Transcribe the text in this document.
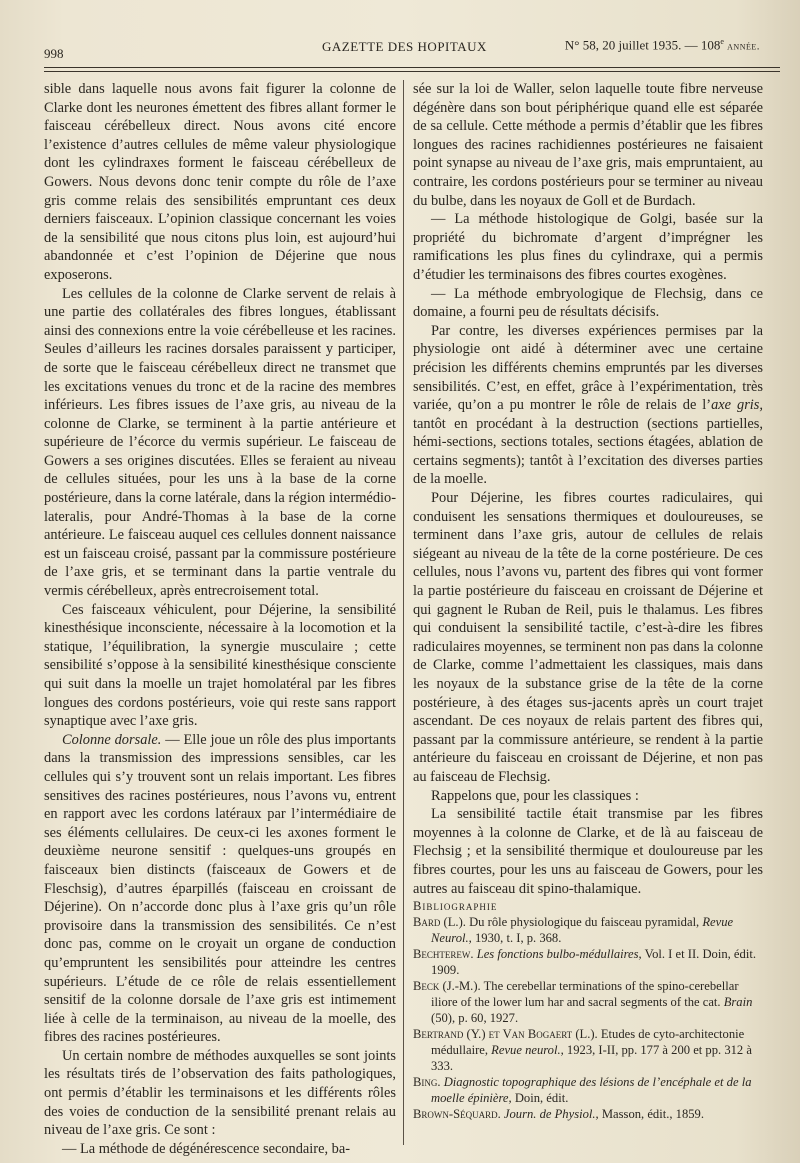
998	GAZETTE DES HOPITAUX	N° 58, 20 juillet 1935. — 108e année.

sible dans laquelle nous avons fait figurer la colonne de Clarke dont les neurones émettent des fibres allant former le faisceau cérébelleux direct. Nous avons cité encore l’existence d’autres cellules de même valeur physiologique dont les cylindraxes forment le faisceau cérébelleux de Gowers. Nous devons donc tenir compte du rôle de l’axe gris comme relais des sensibilités empruntant ces deux derniers faisceaux. L’opinion classique concernant les voies de la sensibilité que nous citons plus loin, est aujourd’hui abandonnée et c’est l’opinion de Déjerine que nous exposerons.

Les cellules de la colonne de Clarke servent de relais à une partie des collatérales des fibres longues, établissant ainsi des connexions entre la voie cérébelleuse et les racines. Seules d’ailleurs les racines dorsales paraissent y participer, de sorte que le faisceau cérébelleux direct ne transmet que les excitations venues du tronc et de la racine des membres inférieurs. Les fibres issues de l’axe gris, au niveau de la colonne de Clarke, se terminent à la partie antérieure et supérieure de l’écorce du vermis supérieur. Le faisceau de Gowers a ses origines discutées. Elles se feraient au niveau de cellules situées, pour les uns à la base de la corne postérieure, dans la corne latérale, dans la région intermédio-lateralis, pour André-Thomas à la base de la corne antérieure. Le faisceau auquel ces cellules donnent naissance est un faisceau croisé, passant par la commissure postérieure de l’axe gris, et se terminant dans la partie ventrale du vermis cérébelleux, après entrecroisement total.

Ces faisceaux véhiculent, pour Déjerine, la sensibilité kinesthésique inconsciente, nécessaire à la locomotion et la statique, l’équilibration, la synergie musculaire ; cette sensibilité s’oppose à la sensibilité kinesthésique consciente qui suit dans la moelle un trajet homolatéral par les fibres longues des cordons postérieurs, voie qui reste sans rapport synaptique avec l’axe gris.

Colonne dorsale. — Elle joue un rôle des plus importants dans la transmission des impressions sensibles, car les cellules qui s’y trouvent sont un relais important. Les fibres sensitives des racines postérieures, nous l’avons vu, entrent en rapport avec les cordons latéraux par l’intermédiaire de ses éléments cellulaires. De ceux-ci les axones forment le deuxième neurone sensitif : quelques-uns groupés en faisceaux bien distincts (faisceaux de Gowers et de Fleschsig), d’autres éparpillés (faisceau en croissant de Déjerine). On n’accorde donc plus à l’axe gris qu’un rôle provisoire dans la transmission des sensibilités. Ce n’est donc pas, comme on le croyait un organe de conduction qu’empruntent les sensibilités pour atteindre les centres supérieurs. L’étude de ce rôle de relais essentiellement sensitif de la colonne dorsale de l’axe gris est intimement liée à celle de la terminaison, au niveau de la moelle, des fibres des racines postérieures.

Un certain nombre de méthodes auxquelles se sont joints les résultats tirés de l’observation des faits pathologiques, ont permis d’établir les terminaisons et les différents rôles des voies de conduction de la sensibilité prenant relais au niveau de l’axe gris. Ce sont :

— La méthode de dégénérescence secondaire, ba-

sée sur la loi de Waller, selon laquelle toute fibre nerveuse dégénère dans son bout périphérique quand elle est séparée de sa cellule. Cette méthode a permis d’établir que les fibres longues des racines rachidiennes postérieures ne faisaient point synapse au niveau de l’axe gris, mais empruntaient, au contraire, les cordons postérieurs pour se terminer au niveau du bulbe, dans les noyaux de Goll et de Burdach.

— La méthode histologique de Golgi, basée sur la propriété du bichromate d’argent d’imprégner les ramifications les plus fines du cylindraxe, qui a permis d’étudier les terminaisons des fibres courtes exogènes.

— La méthode embryologique de Flechsig, dans ce domaine, a fourni peu de résultats décisifs.

Par contre, les diverses expériences permises par la physiologie ont aidé à déterminer avec une certaine précision les différents chemins empruntés par les diverses sensibilités. C’est, en effet, grâce à l’expérimentation, très variée, qu’on a pu montrer le rôle de relais de l’axe gris, tantôt en procédant à la destruction (sections partielles, hémi-sections, sections totales, sections étagées, ablation de certains segments); tantôt à l’excitation des diverses parties de la moelle.

Pour Déjerine, les fibres courtes radiculaires, qui conduisent les sensations thermiques et douloureuses, se terminent dans l’axe gris, autour de cellules de relais siégeant au niveau de la tête de la corne postérieure. De ces cellules, nous l’avons vu, partent des fibres qui vont former la partie postérieure du faisceau en croissant de Déjerine et qui gagnent le Ruban de Reil, puis le thalamus. Les fibres qui conduisent la sensibilité tactile, c’est-à-dire les fibres radiculaires moyennes, se terminent non pas dans la colonne de Clarke, comme l’admettaient les classiques, mais dans les noyaux de la substance grise de la tête de la corne postérieure, à des étages sus-jacents après un court trajet ascendant. De ces noyaux de relais partent des fibres qui, passant par la commissure antérieure, se rendent à la partie antérieure du faisceau en croissant de Déjerine, et non pas au faisceau de Flechsig.

Rappelons que, pour les classiques :

La sensibilité tactile était transmise par les fibres moyennes à la colonne de Clarke, et de là au faisceau de Flechsig ; et la sensibilité thermique et douloureuse par les fibres courtes, pour les uns au faisceau de Gowers, pour les autres au faisceau dit spino-thalamique.

Bibliographie

Bard (L.). Du rôle physiologique du faisceau pyramidal, Revue Neurol., 1930, t. I, p. 368.

Bechterew. Les fonctions bulbo-médullaires, Vol. I et II. Doin, édit. 1909.

Beck (J.-M.). The cerebellar terminations of the spino-cerebellar iliore of the lower lum har and sacral segments of the cat. Brain (50), p. 60, 1927.

Bertrand (Y.) et Van Bogaert (L.). Etudes de cyto-architectonie médullaire, Revue neurol., 1923, I-II, pp. 177 à 200 et pp. 312 à 333.

Bing. Diagnostic topographique des lésions de l’encéphale et de la moelle épinière, Doin, édit.

Brown-Séquard. Journ. de Physiol., Masson, édit., 1859.
